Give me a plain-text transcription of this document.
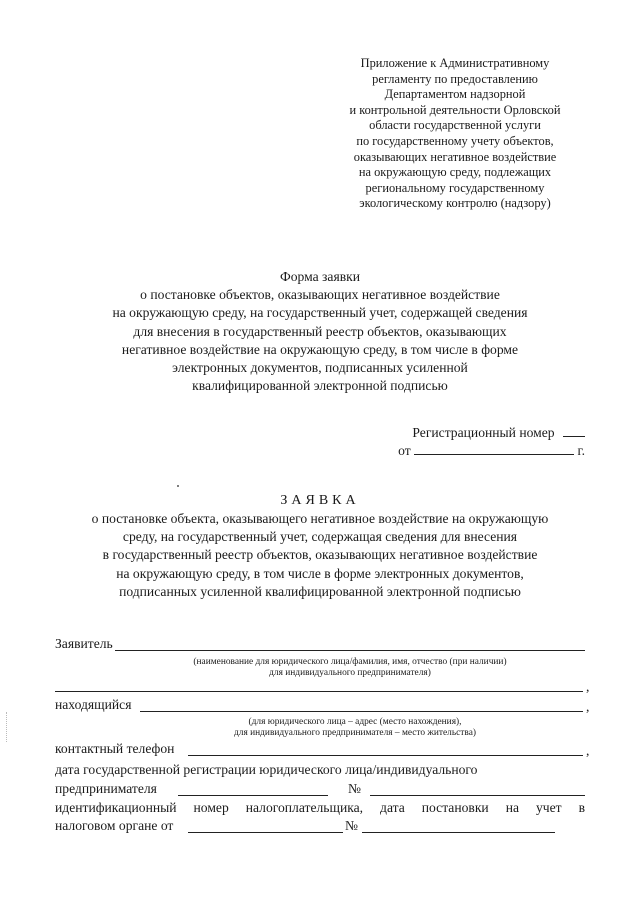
Приложение к Административному
регламенту по предоставлению
Департаментом надзорной
и контрольной деятельности Орловской
области государственной услуги
по государственному учету объектов,
оказывающих негативное воздействие
на окружающую среду, подлежащих
региональному государственному
экологическому контролю (надзору)
Форма заявки
о постановке объектов, оказывающих негативное воздействие
на окружающую среду, на государственный учет, содержащей сведения
для внесения в государственный реестр объектов, оказывающих
негативное воздействие на окружающую среду, в том числе в форме
электронных документов, подписанных усиленной
квалифицированной электронной подписью
Регистрационный номер
от	г.
ЗАЯВКА
о постановке объекта, оказывающего негативное воздействие на окружающую
среду, на государственный учет, содержащая сведения для внесения
в государственный реестр объектов, оказывающих негативное воздействие
на окружающую среду, в том числе в форме электронных документов,
подписанных усиленной квалифицированной электронной подписью
Заявитель
(наименование для юридического лица/фамилия, имя, отчество (при наличии)
для индивидуального предпринимателя)
,
находящийся	,
(для юридического лица – адрес (место нахождения),
для индивидуального предпринимателя – место жительства)
контактный телефон	,
дата государственной регистрации юридического лица/индивидуального
предпринимателя	№
идентификационный номер налогоплательщика, дата постановки на учет в
налоговом органе от	№
